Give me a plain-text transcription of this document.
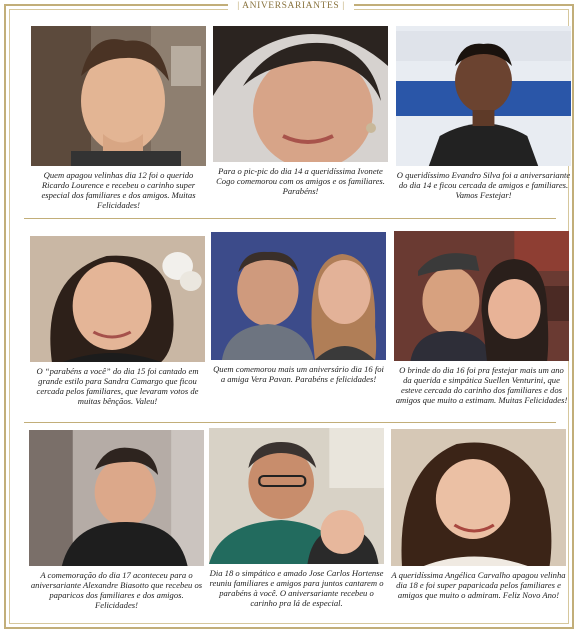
| ANIVERSARIANTES |
Quem apagou velinhas dia 12 foi o querido Ricardo Lourence e recebeu o carinho super especial dos familiares e dos amigos. Muitas Felicidades!
Para o pic-pic do dia 14 a queridíssima Ivonete Cogo comemorou com os amigos e os familiares. Parabéns!
O queridíssimo Evandro Silva foi a aniversariante do dia 14 e ficou cercada de amigos e familiares. Vamos Festejar!
O “parabéns a você” do dia 15 foi cantado em grande estilo para Sandra Camargo que ficou cercada pelos familiares, que levaram votos de muitas bênçãos. Valeu!
Quem comemorou mais um aniversário dia 16 foi a amiga Vera Pavan. Parabéns e felicidades!
O brinde do dia 16 foi pra festejar mais um ano da querida e simpática Suellen Venturini, que esteve cercada do carinho dos familiares e dos amigos que muito a estimam. Muitas Felicidades!
A comemoração do dia 17 aconteceu para o aniversariante Alexandre Biasotto que recebeu os paparicos dos familiares e dos amigos. Felicidades!
Dia 18 o simpático e amado Jose Carlos Hortense reuniu familiares e amigos para juntos cantarem o parabéns à você. O aniversariante recebeu o carinho pra lá de especial.
A queridíssima Angélica Carvalho apagou velinha dia 18 e foi super paparicada pelos familiares e amigos que muito o admiram. Feliz Novo Ano!
